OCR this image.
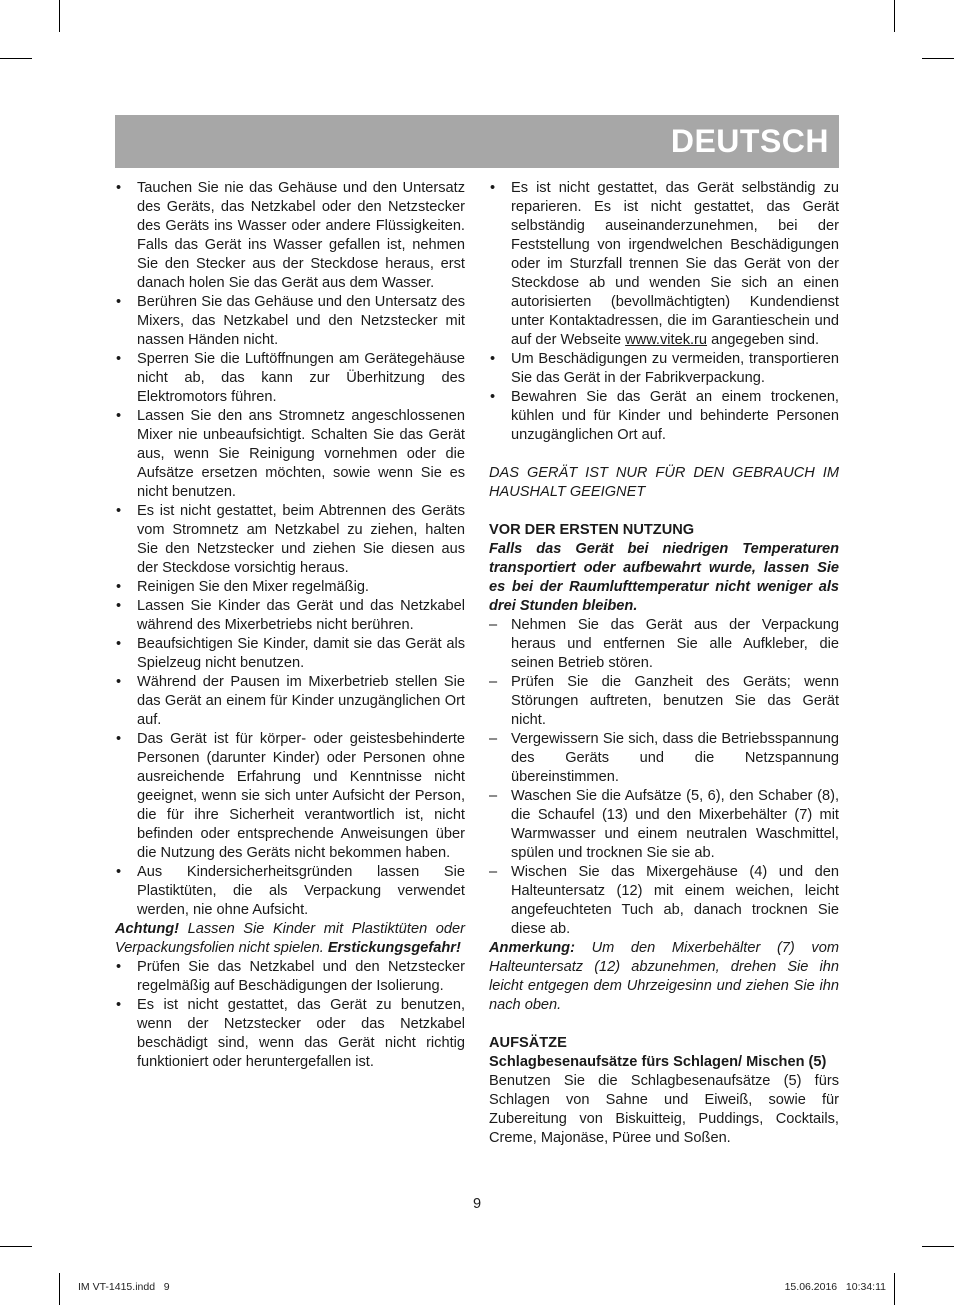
DEUTSCH
•	Tauchen Sie nie das Gehäuse und den Untersatz des Geräts, das Netzkabel oder den Netzstecker des Geräts ins Wasser oder andere Flüssigkeiten. Falls das Gerät ins Wasser gefallen ist, nehmen Sie den Stecker aus der Steckdose heraus, erst danach holen Sie das Gerät aus dem Wasser.
•	Berühren Sie das Gehäuse und den Untersatz des Mixers, das Netzkabel und den Netzstecker mit nassen Händen nicht.
•	Sperren Sie die Luftöffnungen am Gerätegehäuse nicht ab, das kann zur Überhitzung des Elektromotors führen.
•	Lassen Sie den ans Stromnetz angeschlossenen Mixer nie unbeaufsichtigt. Schalten Sie das Gerät aus, wenn Sie Reinigung vornehmen oder die Aufsätze ersetzen möchten, sowie wenn Sie es nicht benutzen.
•	Es ist nicht gestattet, beim Abtrennen des Geräts vom Stromnetz am Netzkabel zu ziehen, halten Sie den Netzstecker und ziehen Sie diesen aus der Steckdose vorsichtig heraus.
•	Reinigen Sie den Mixer regelmäßig.
•	Lassen Sie Kinder das Gerät und das Netzkabel während des Mixerbetriebs nicht berühren.
•	Beaufsichtigen Sie Kinder, damit sie das Gerät als Spielzeug nicht benutzen.
•	Während der Pausen im Mixerbetrieb stellen Sie das Gerät an einem für Kinder unzugänglichen Ort auf.
•	Das Gerät ist für körper- oder geistesbehinderte Personen (darunter Kinder) oder Personen ohne ausreichende Erfahrung und Kenntnisse nicht geeignet, wenn sie sich unter Aufsicht der Person, die für ihre Sicherheit verantwortlich ist, nicht befinden oder entsprechende Anweisungen über die Nutzung des Geräts nicht bekommen haben.
•	Aus Kindersicherheitsgründen lassen Sie Plastiktüten, die als Verpackung verwendet werden, nie ohne Aufsicht.

Achtung! Lassen Sie Kinder mit Plastiktüten oder Verpackungsfolien nicht spielen. Erstickungsgefahr!

•	Prüfen Sie das Netzkabel und den Netzstecker regelmäßig auf Beschädigungen der Isolierung.
•	Es ist nicht gestattet, das Gerät zu benutzen, wenn der Netzstecker oder das Netzkabel beschädigt sind, wenn das Gerät nicht richtig funktioniert oder heruntergefallen ist.
•	Es ist nicht gestattet, das Gerät selbständig zu reparieren. Es ist nicht gestattet, das Gerät selbständig auseinanderzunehmen, bei der Feststellung von irgendwelchen Beschädigungen oder im Sturzfall trennen Sie das Gerät von der Steckdose ab und wenden Sie sich an einen autorisierten (bevollmächtigten) Kundendienst unter Kontaktadressen, die im Garantieschein und auf der Webseite www.vitek.ru angegeben sind.
•	Um Beschädigungen zu vermeiden, transportieren Sie das Gerät in der Fabrikverpackung.
•	Bewahren Sie das Gerät an einem trockenen, kühlen und für Kinder und behinderte Personen unzugänglichen Ort auf.

DAS GERÄT IST NUR FÜR DEN GEBRAUCH IM HAUSHALT GEEIGNET

VOR DER ERSTEN NUTZUNG

Falls das Gerät bei niedrigen Temperaturen transportiert oder aufbewahrt wurde, lassen Sie es bei der Raumlufttemperatur nicht weniger als drei Stunden bleiben.

– Nehmen Sie das Gerät aus der Verpackung heraus und entfernen Sie alle Aufkleber, die seinen Betrieb stören.
– Prüfen Sie die Ganzheit des Geräts; wenn Störungen auftreten, benutzen Sie das Gerät nicht.
– Vergewissern Sie sich, dass die Betriebsspannung des Geräts und die Netzspannung übereinstimmen.
– Waschen Sie die Aufsätze (5, 6), den Schaber (8), die Schaufel (13) und den Mixerbehälter (7) mit Warmwasser und einem neutralen Waschmittel, spülen und trocknen Sie sie ab.
– Wischen Sie das Mixergehäuse (4) und den Halteuntersatz (12) mit einem weichen, leicht angefeuchteten Tuch ab, danach trocknen Sie diese ab.

Anmerkung: Um den Mixerbehälter (7) vom Halteuntersatz (12) abzunehmen, drehen Sie ihn leicht entgegen dem Uhrzeigesinn und ziehen Sie ihn nach oben.

AUFSÄTZE

Schlagbesenaufsätze fürs Schlagen/ Mischen (5)

Benutzen Sie die Schlagbesenaufsätze (5) fürs Schlagen von Sahne und Eiweiß, sowie für Zubereitung von Biskuitteig, Puddings, Cocktails, Creme, Majonäse, Püree und Soßen.

9
IM VT-1415.indd   9	15.06.2016   10:34:11
